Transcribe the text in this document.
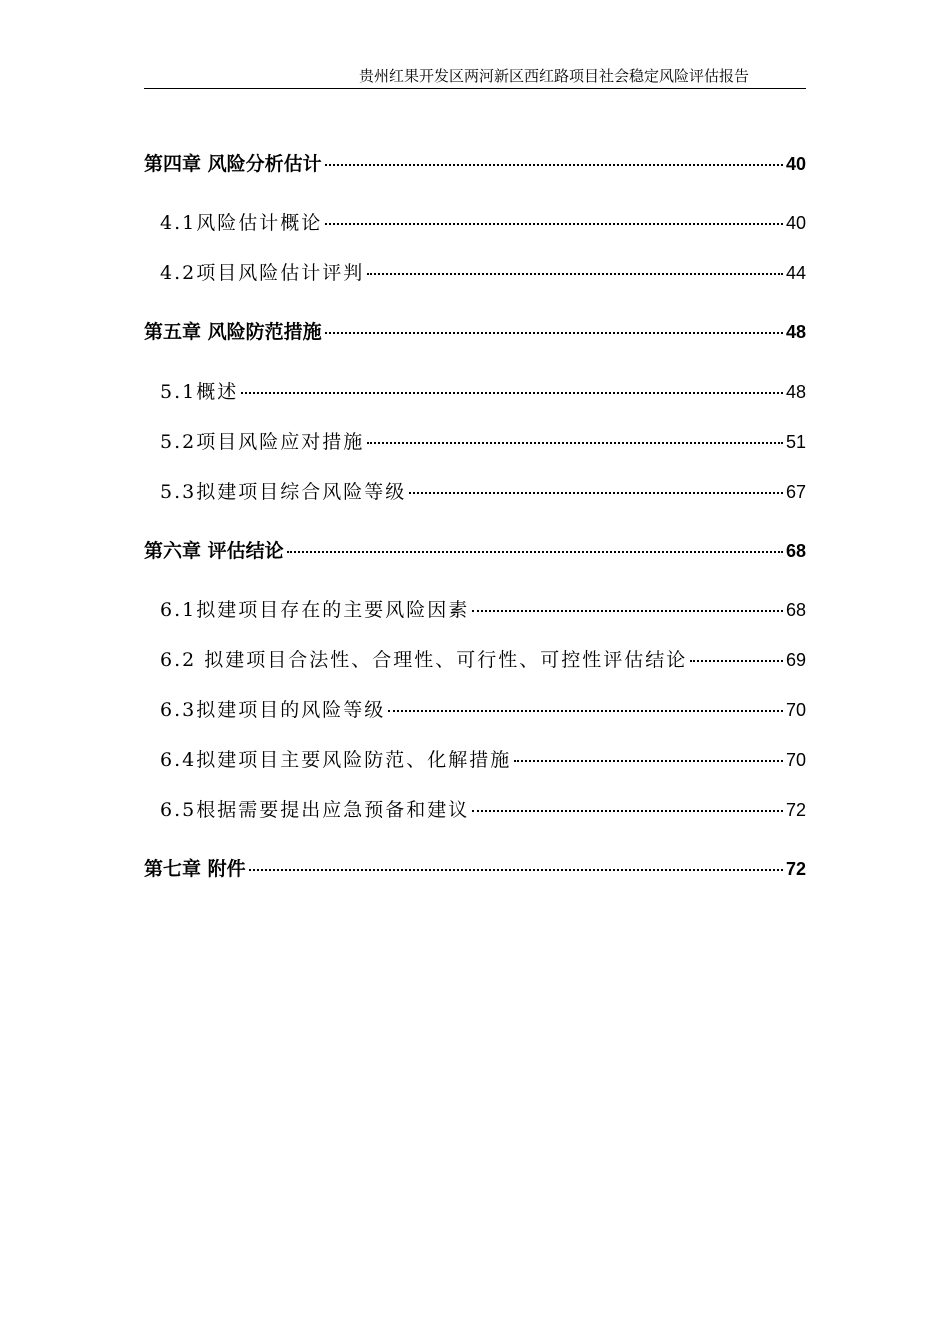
贵州红果开发区两河新区西红路项目社会稳定风险评估报告
第四章 风险分析估计	40
4.1风险估计概论	40
4.2项目风险估计评判	44
第五章 风险防范措施	48
5.1概述	48
5.2项目风险应对措施	51
5.3拟建项目综合风险等级	67
第六章 评估结论	68
6.1拟建项目存在的主要风险因素	68
6.2 拟建项目合法性、合理性、可行性、可控性评估结论	69
6.3拟建项目的风险等级	70
6.4拟建项目主要风险防范、化解措施	70
6.5根据需要提出应急预备和建议	72
第七章 附件	72
